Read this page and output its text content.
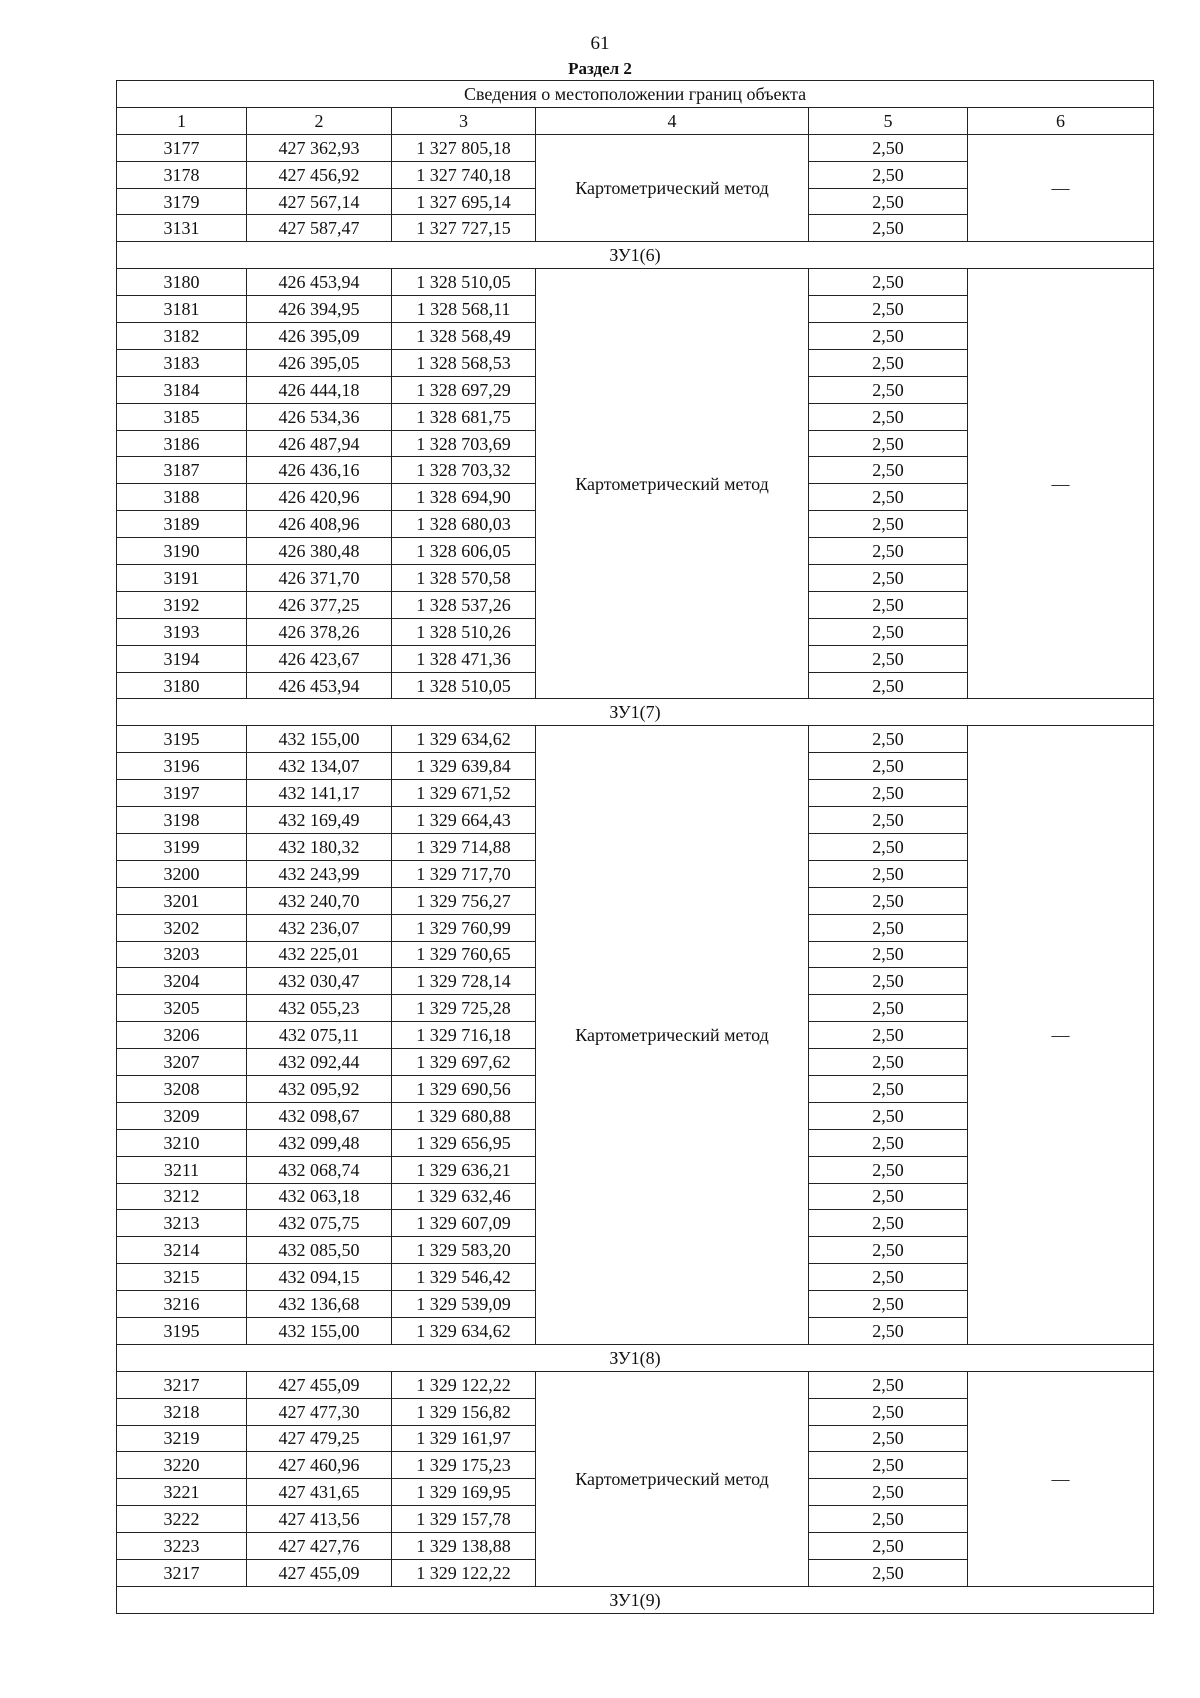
61
Раздел 2
Сведения о местоположении границ объекта					
1	2	3	4	5	6
3177	427 362,93	1 327 805,18	Картометрический метод	2,50	—
3178	427 456,92	1 327 740,18		2,50	
3179	427 567,14	1 327 695,14		2,50	
3131	427 587,47	1 327 727,15		2,50	
ЗУ1(6)					
3180	426 453,94	1 328 510,05	Картометрический метод	2,50	—
3181	426 394,95	1 328 568,11		2,50	
3182	426 395,09	1 328 568,49		2,50	
3183	426 395,05	1 328 568,53		2,50	
3184	426 444,18	1 328 697,29		2,50	
3185	426 534,36	1 328 681,75		2,50	
3186	426 487,94	1 328 703,69		2,50	
3187	426 436,16	1 328 703,32		2,50	
3188	426 420,96	1 328 694,90		2,50	
3189	426 408,96	1 328 680,03		2,50	
3190	426 380,48	1 328 606,05		2,50	
3191	426 371,70	1 328 570,58		2,50	
3192	426 377,25	1 328 537,26		2,50	
3193	426 378,26	1 328 510,26		2,50	
3194	426 423,67	1 328 471,36		2,50	
3180	426 453,94	1 328 510,05		2,50	
ЗУ1(7)					
3195	432 155,00	1 329 634,62	Картометрический метод	2,50	—
3196	432 134,07	1 329 639,84		2,50	
3197	432 141,17	1 329 671,52		2,50	
3198	432 169,49	1 329 664,43		2,50	
3199	432 180,32	1 329 714,88		2,50	
3200	432 243,99	1 329 717,70		2,50	
3201	432 240,70	1 329 756,27		2,50	
3202	432 236,07	1 329 760,99		2,50	
3203	432 225,01	1 329 760,65		2,50	
3204	432 030,47	1 329 728,14		2,50	
3205	432 055,23	1 329 725,28		2,50	
3206	432 075,11	1 329 716,18		2,50	
3207	432 092,44	1 329 697,62		2,50	
3208	432 095,92	1 329 690,56		2,50	
3209	432 098,67	1 329 680,88		2,50	
3210	432 099,48	1 329 656,95		2,50	
3211	432 068,74	1 329 636,21		2,50	
3212	432 063,18	1 329 632,46		2,50	
3213	432 075,75	1 329 607,09		2,50	
3214	432 085,50	1 329 583,20		2,50	
3215	432 094,15	1 329 546,42		2,50	
3216	432 136,68	1 329 539,09		2,50	
3195	432 155,00	1 329 634,62		2,50	
ЗУ1(8)					
3217	427 455,09	1 329 122,22	Картометрический метод	2,50	—
3218	427 477,30	1 329 156,82		2,50	
3219	427 479,25	1 329 161,97		2,50	
3220	427 460,96	1 329 175,23		2,50	
3221	427 431,65	1 329 169,95		2,50	
3222	427 413,56	1 329 157,78		2,50	
3223	427 427,76	1 329 138,88		2,50	
3217	427 455,09	1 329 122,22		2,50	
ЗУ1(9)					
